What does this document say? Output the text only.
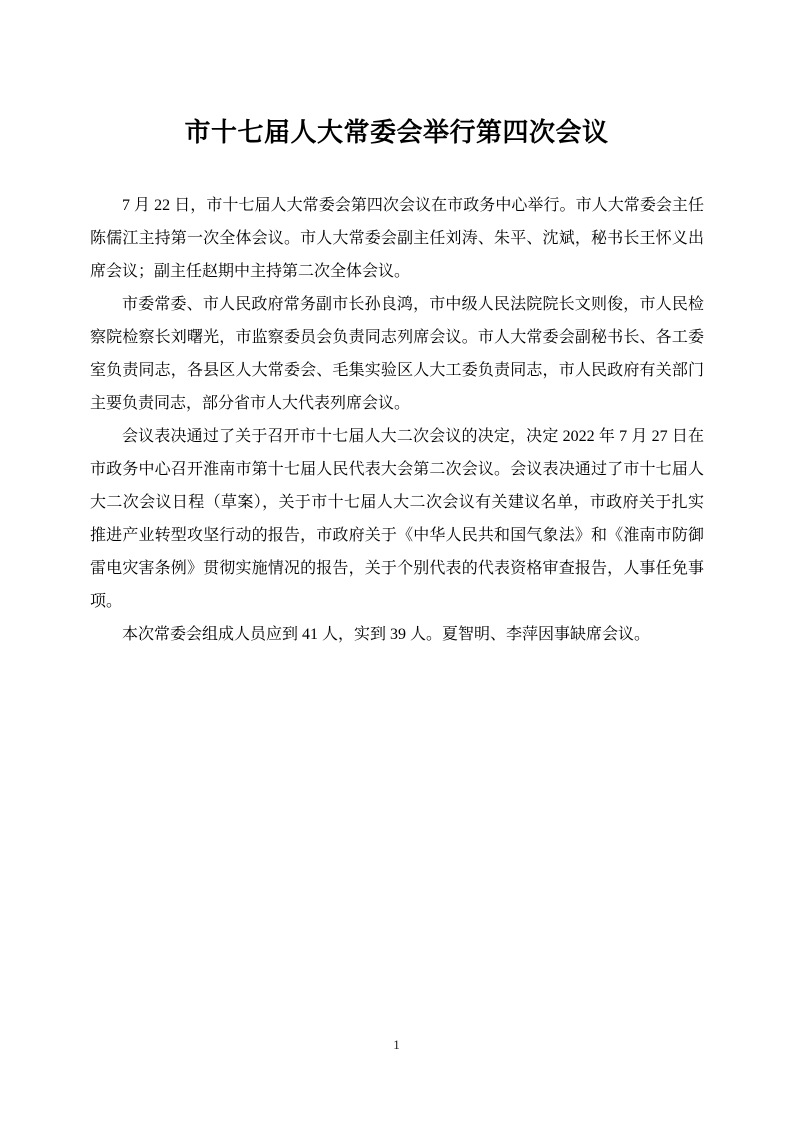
市十七届人大常委会举行第四次会议

7 月 22 日，市十七届人大常委会第四次会议在市政务中心举行。市人大常委会主任陈儒江主持第一次全体会议。市人大常委会副主任刘涛、朱平、沈斌，秘书长王怀义出席会议；副主任赵期中主持第二次全体会议。

市委常委、市人民政府常务副市长孙良鸿，市中级人民法院院长文则俊，市人民检察院检察长刘曙光，市监察委员会负责同志列席会议。市人大常委会副秘书长、各工委室负责同志，各县区人大常委会、毛集实验区人大工委负责同志，市人民政府有关部门主要负责同志，部分省市人大代表列席会议。

会议表决通过了关于召开市十七届人大二次会议的决定，决定 2022 年 7 月 27 日在市政务中心召开淮南市第十七届人民代表大会第二次会议。会议表决通过了市十七届人大二次会议日程（草案），关于市十七届人大二次会议有关建议名单，市政府关于扎实推进产业转型攻坚行动的报告，市政府关于《中华人民共和国气象法》和《淮南市防御雷电灾害条例》贯彻实施情况的报告，关于个别代表的代表资格审查报告，人事任免事项。

本次常委会组成人员应到 41 人，实到 39 人。夏智明、李萍因事缺席会议。

1
